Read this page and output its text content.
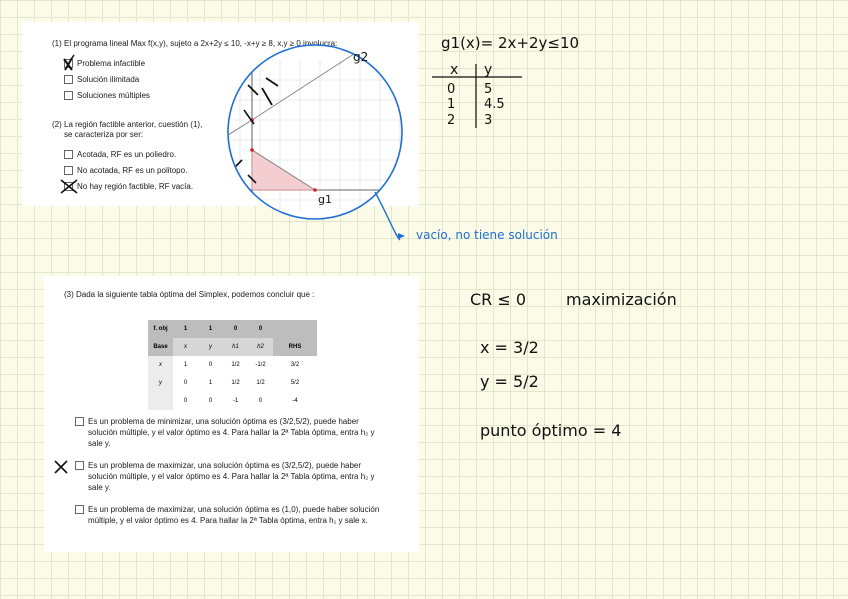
(1) El programa lineal Max f(x,y), sujeto a 2x+2y ≤ 10, -x+y ≥ 8, x,y ≥ 0 involucra:
Problema infactible
Solución ilimitada
Soluciones múltiples
(2) La región factible anterior, cuestión (1),
se caracteriza por ser:
Acotada, RF es un poliedro.
No acotada, RF es un politopo.
No hay región factible, RF vacía.
g2
g1
g1(x)= 2x+2y≤10
x y
0 5
1 4.5
2 3
vacío, no tiene solución
(3) Dada la siguiente tabla óptima del Simplex, podemos concluir que :
f. obj	1	1	0	0	
Base	x	y	h1	h2	RHS
x	1	0	1/2	-1/2	3/2
y	0	1	1/2	1/2	5/2
	0	0	-1	0	-4
Es un problema de minimizar, una solución óptima es (3/2,5/2), puede haber
solución múltiple, y el valor óptimo es 4. Para hallar la 2ª Tabla óptima, entra h₂ y
sale y.
Es un problema de maximizar, una solución óptima es (3/2,5/2), puede haber
solución múltiple, y el valor óptimo es 4. Para hallar la 2ª Tabla óptima, entra h₂ y
sale y.
Es un problema de maximizar, una solución óptima es (1,0), puede haber solución
múltiple, y el valor óptimo es 4. Para hallar la 2ª Tabla óptima, entra h₁ y sale x.
CR ≤ 0 maximización
x = 3/2
y = 5/2
punto óptimo = 4
